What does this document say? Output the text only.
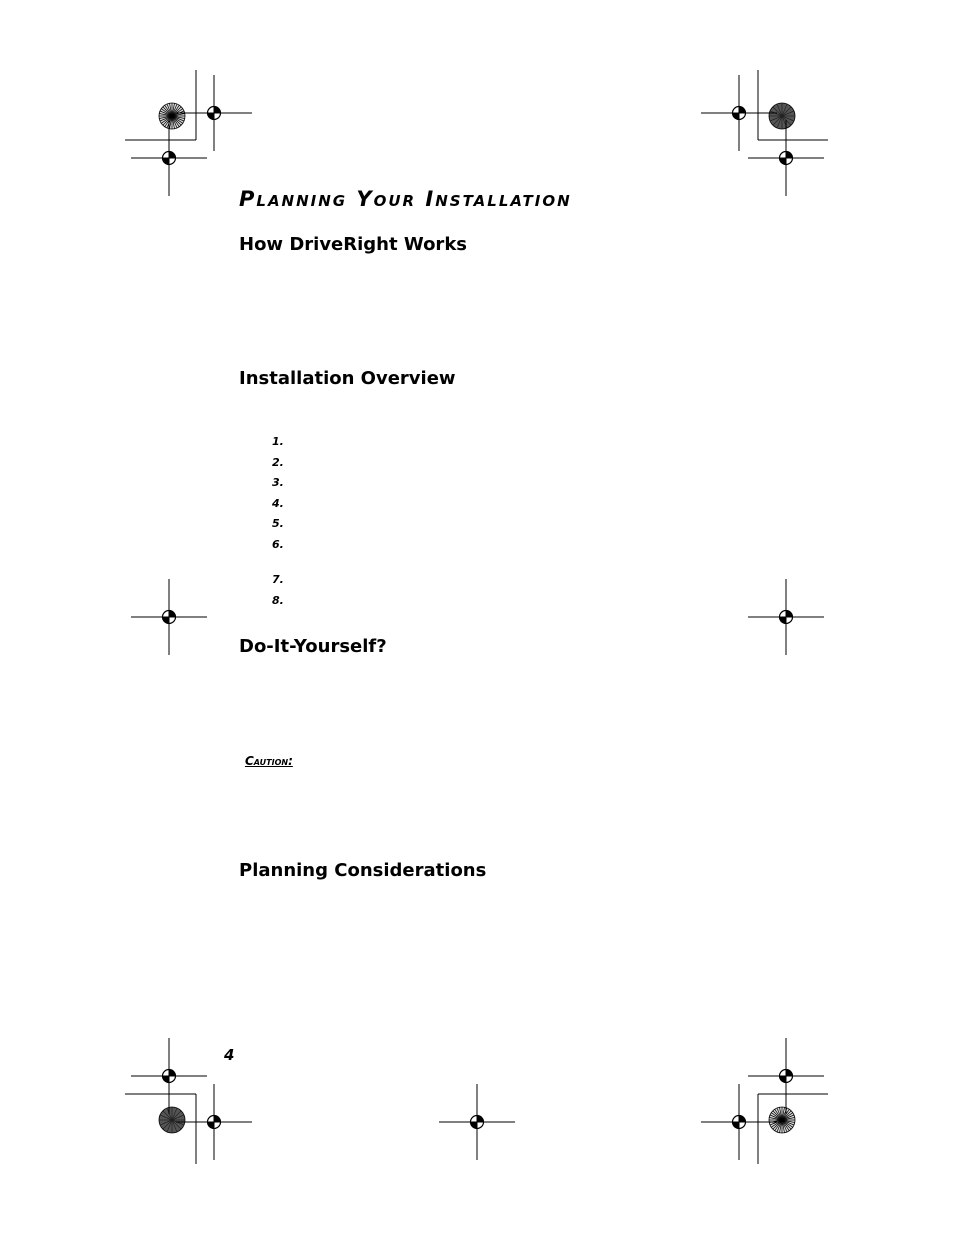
Planning Your Installation
How DriveRight Works
Installation Overview
1.
2.
3.
4.
5.
6.
7.
8.
Do-It-Yourself?

Caution:

Planning Considerations

4
